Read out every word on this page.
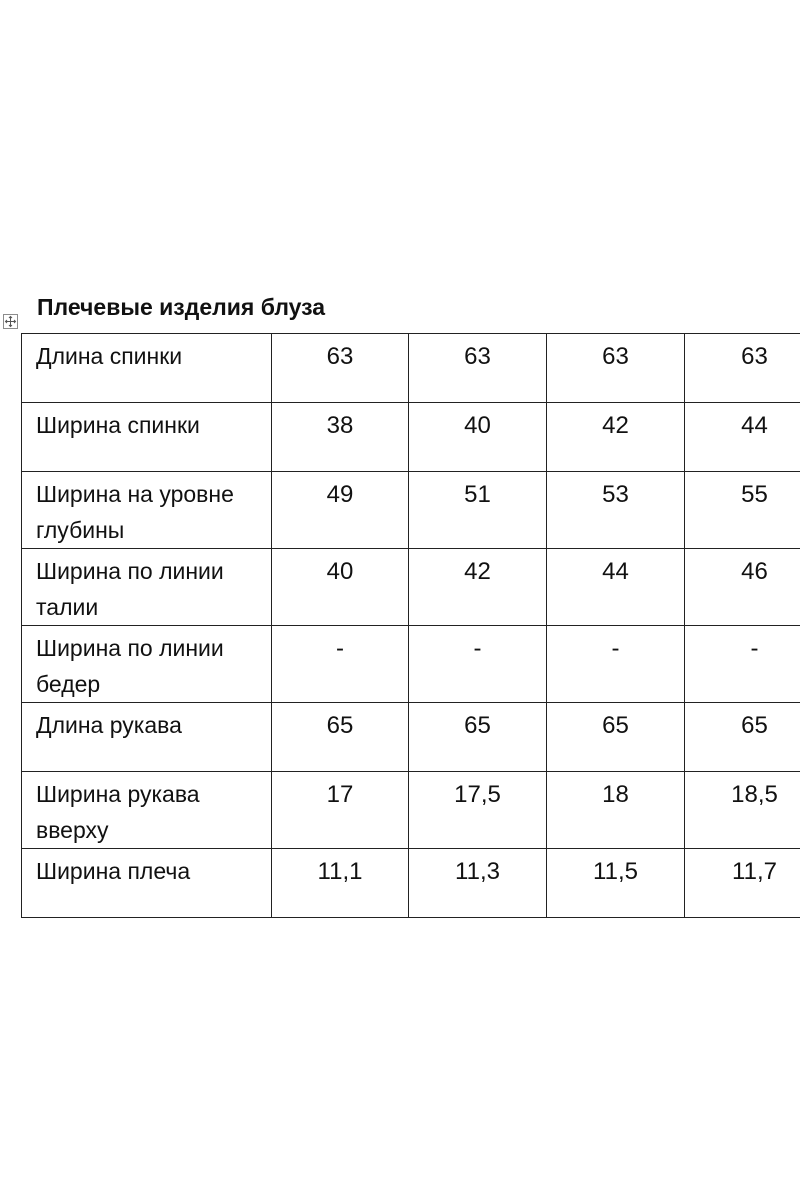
Плечевые изделия блуза
Длина спинки	63	63	63	63	
Ширина спинки	38	40	42	44	
Ширина на уровне глубины	49	51	53	55	
Ширина по линии талии	40	42	44	46	
Ширина по линии бедер	-	-	-	-	
Длина рукава	65	65	65	65	
Ширина рукава вверху	17	17,5	18	18,5	
Ширина плеча	11,1	11,3	11,5	11,7	
